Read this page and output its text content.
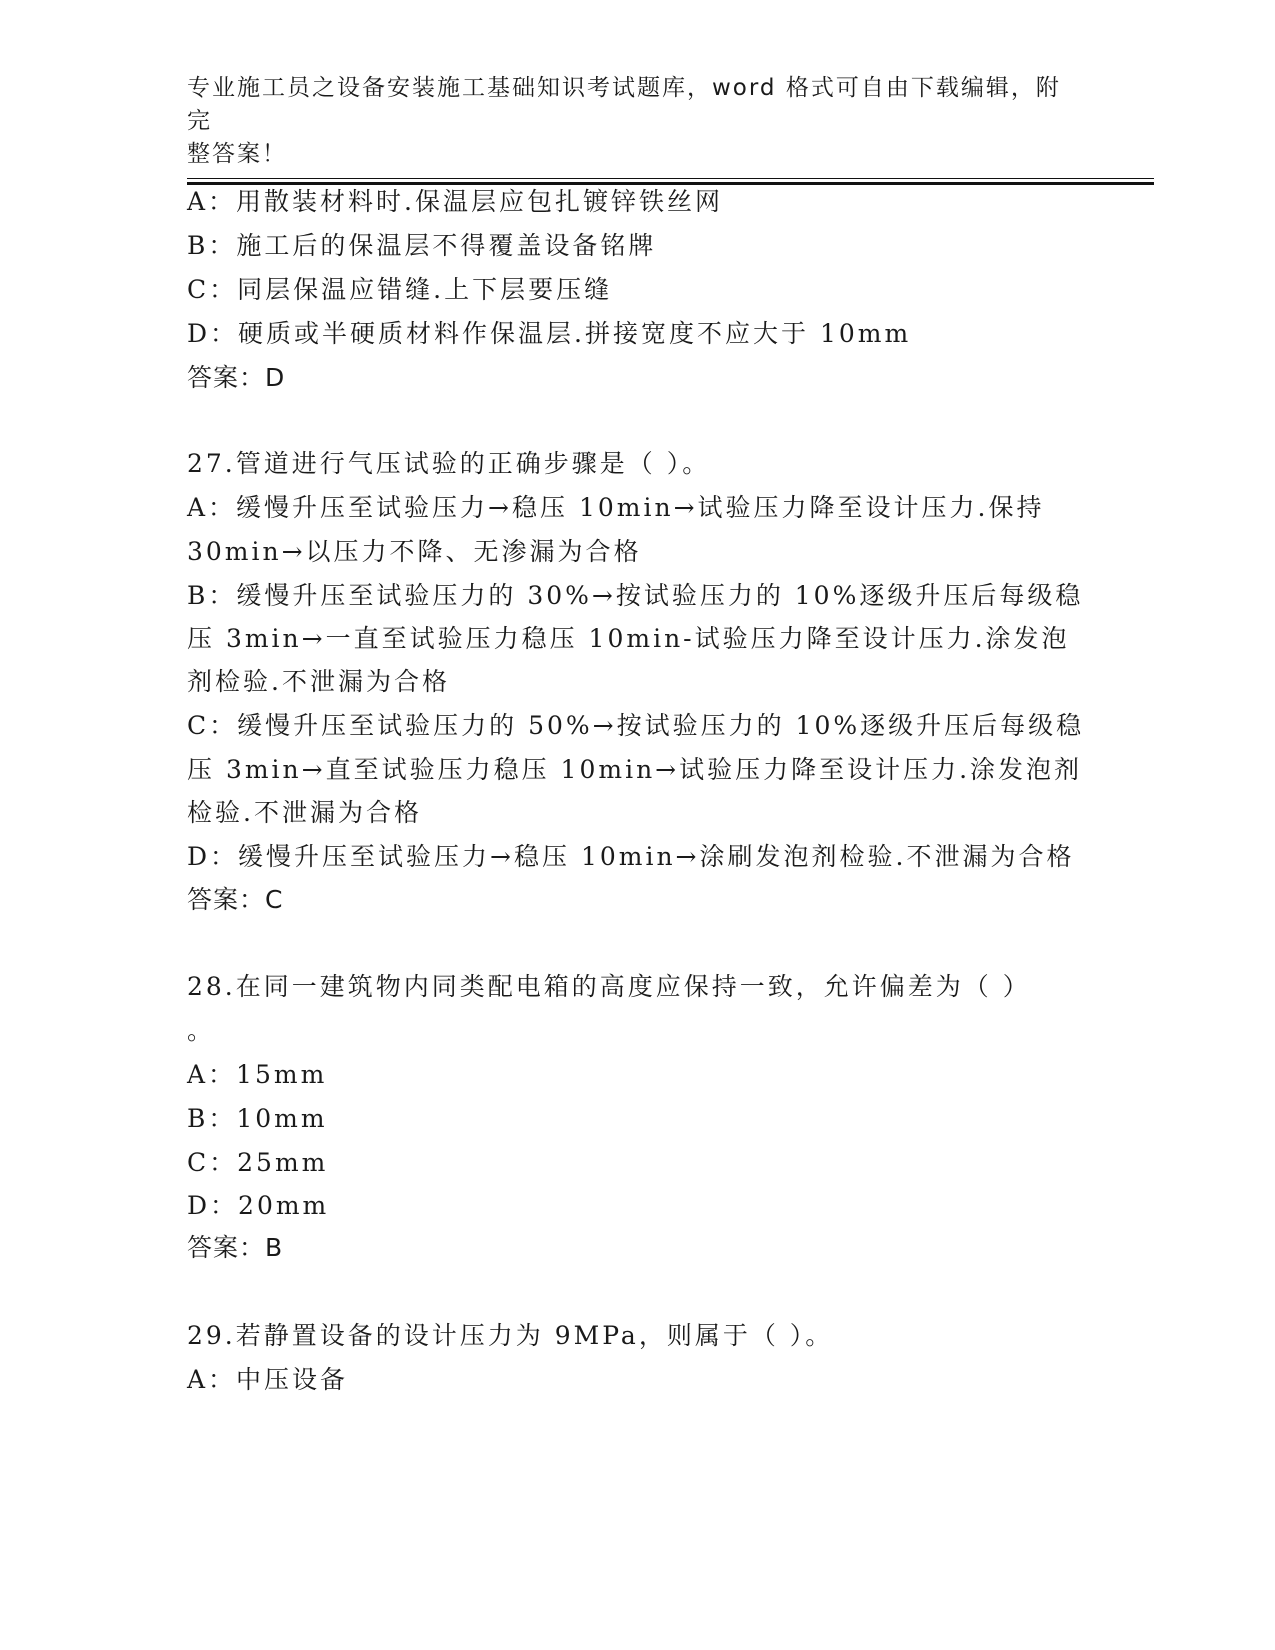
专业施工员之设备安装施工基础知识考试题库，word 格式可自由下载编辑，附完
整答案！
A：用散装材料时.保温层应包扎镀锌铁丝网
B：施工后的保温层不得覆盖设备铭牌
C：同层保温应错缝.上下层要压缝
D：硬质或半硬质材料作保温层.拼接宽度不应大于 10mm
答案：D
27.管道进行气压试验的正确步骤是（ ）。
A：缓慢升压至试验压力→稳压 10min→试验压力降至设计压力.保持
30min→以压力不降、无渗漏为合格
B：缓慢升压至试验压力的 30%→按试验压力的 10%逐级升压后每级稳
压 3min→一直至试验压力稳压 10min-试验压力降至设计压力.涂发泡
剂检验.不泄漏为合格
C：缓慢升压至试验压力的 50%→按试验压力的 10%逐级升压后每级稳
压 3min→直至试验压力稳压 10min→试验压力降至设计压力.涂发泡剂
检验.不泄漏为合格
D：缓慢升压至试验压力→稳压 10min→涂刷发泡剂检验.不泄漏为合格
答案：C
28.在同一建筑物内同类配电箱的高度应保持一致，允许偏差为（ ）
。
A：15mm
B：10mm
C：25mm
D：20mm
答案：B
29.若静置设备的设计压力为 9MPa，则属于（ ）。
A：中压设备
